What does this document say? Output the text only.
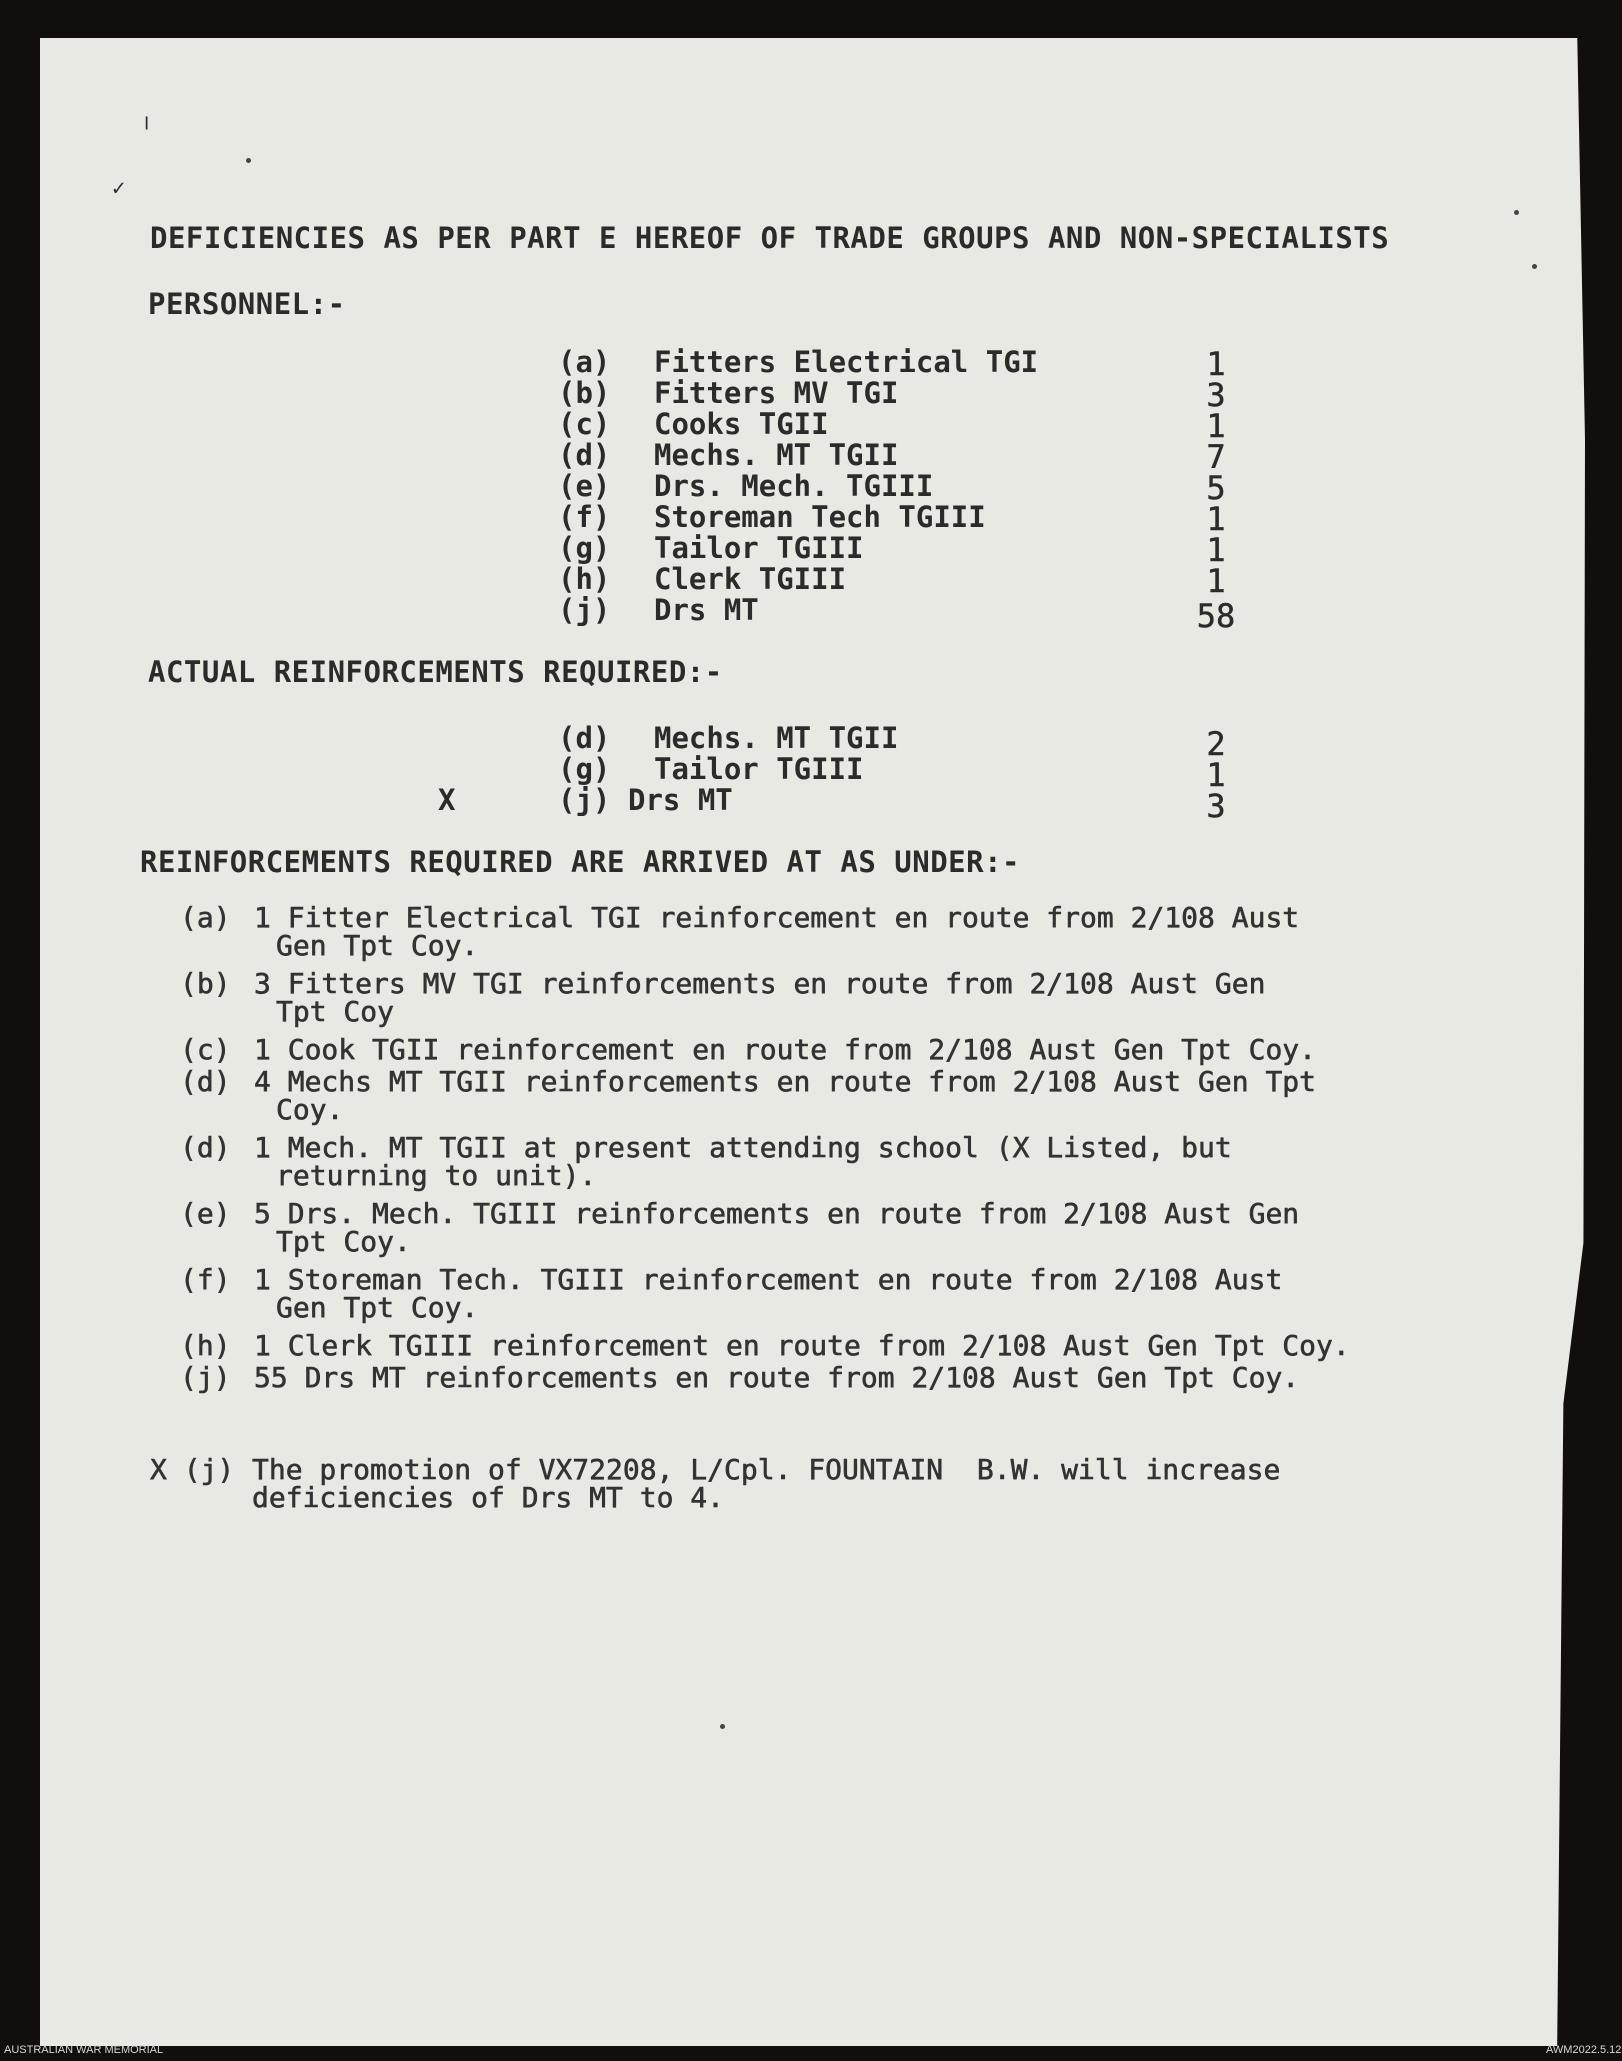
╵
✓
DEFICIENCIES AS PER PART E HEREOF OF TRADE GROUPS AND NON-SPECIALISTS
PERSONNEL:-
(a) Fitters Electrical TGI	1
(b) Fitters MV TGI	3
(c) Cooks TGII	1
(d) Mechs. MT TGII	7
(e) Drs. Mech. TGIII	5
(f) Storeman Tech TGIII	1
(g) Tailor TGIII	1
(h) Clerk TGIII	1
(j) Drs MT	58
ACTUAL REINFORCEMENTS REQUIRED:-
(d) Mechs. MT TGII	2
(g) Tailor TGIII	1
X	(j) Drs MT	3
REINFORCEMENTS REQUIRED ARE ARRIVED AT AS UNDER:-
(a) 1 Fitter Electrical TGI reinforcement en route from 2/108 Aust
Gen Tpt Coy.
(b) 3 Fitters MV TGI reinforcements en route from 2/108 Aust Gen
Tpt Coy
(c) 1 Cook TGII reinforcement en route from 2/108 Aust Gen Tpt Coy.
(d) 4 Mechs MT TGII reinforcements en route from 2/108 Aust Gen Tpt
Coy.
(d) 1 Mech. MT TGII at present attending school (X Listed, but
returning to unit).
(e) 5 Drs. Mech. TGIII reinforcements en route from 2/108 Aust Gen
Tpt Coy.
(f) 1 Storeman Tech. TGIII reinforcement en route from 2/108 Aust
Gen Tpt Coy.
(h) 1 Clerk TGIII reinforcement en route from 2/108 Aust Gen Tpt Coy.
(j) 55 Drs MT reinforcements en route from 2/108 Aust Gen Tpt Coy.
X (j) The promotion of VX72208, L/Cpl. FOUNTAIN  B.W. will increase
deficiencies of Drs MT to 4.
AUSTRALIAN WAR MEMORIAL	AWM2022.5.12
